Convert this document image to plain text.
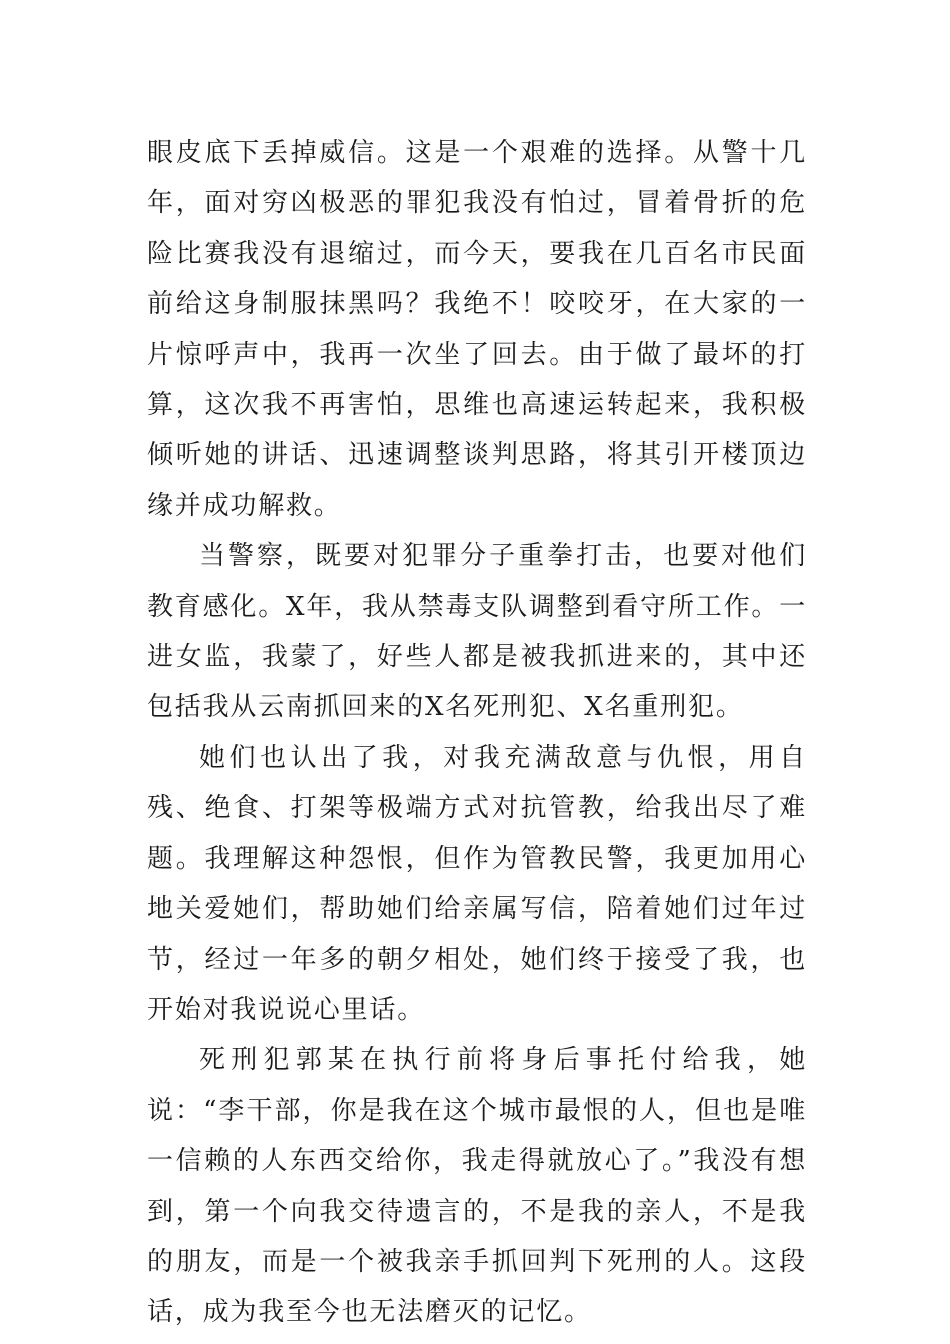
眼皮底下丢掉威信。这是一个艰难的选择。从警十几年，面对穷凶极恶的罪犯我没有怕过，冒着骨折的危险比赛我没有退缩过，而今天，要我在几百名市民面前给这身制服抹黑吗？我绝不！咬咬牙，在大家的一片惊呼声中，我再一次坐了回去。由于做了最坏的打算，这次我不再害怕，思维也高速运转起来，我积极倾听她的讲话、迅速调整谈判思路，将其引开楼顶边缘并成功解救。

当警察，既要对犯罪分子重拳打击，也要对他们教育感化。X年，我从禁毒支队调整到看守所工作。一进女监，我蒙了，好些人都是被我抓进来的，其中还包括我从云南抓回来的X名死刑犯、X名重刑犯。

她们也认出了我，对我充满敌意与仇恨，用自残、绝食、打架等极端方式对抗管教，给我出尽了难题。我理解这种怨恨，但作为管教民警，我更加用心地关爱她们，帮助她们给亲属写信，陪着她们过年过节，经过一年多的朝夕相处，她们终于接受了我，也开始对我说说心里话。

死刑犯郭某在执行前将身后事托付给我，她说：“李干部，你是我在这个城市最恨的人，但也是唯一信赖的人东西交给你，我走得就放心了。”我没有想到，第一个向我交待遗言的，不是我的亲人，不是我的朋友，而是一个被我亲手抓回判下死刑的人。这段话，成为我至今也无法磨灭的记忆。
